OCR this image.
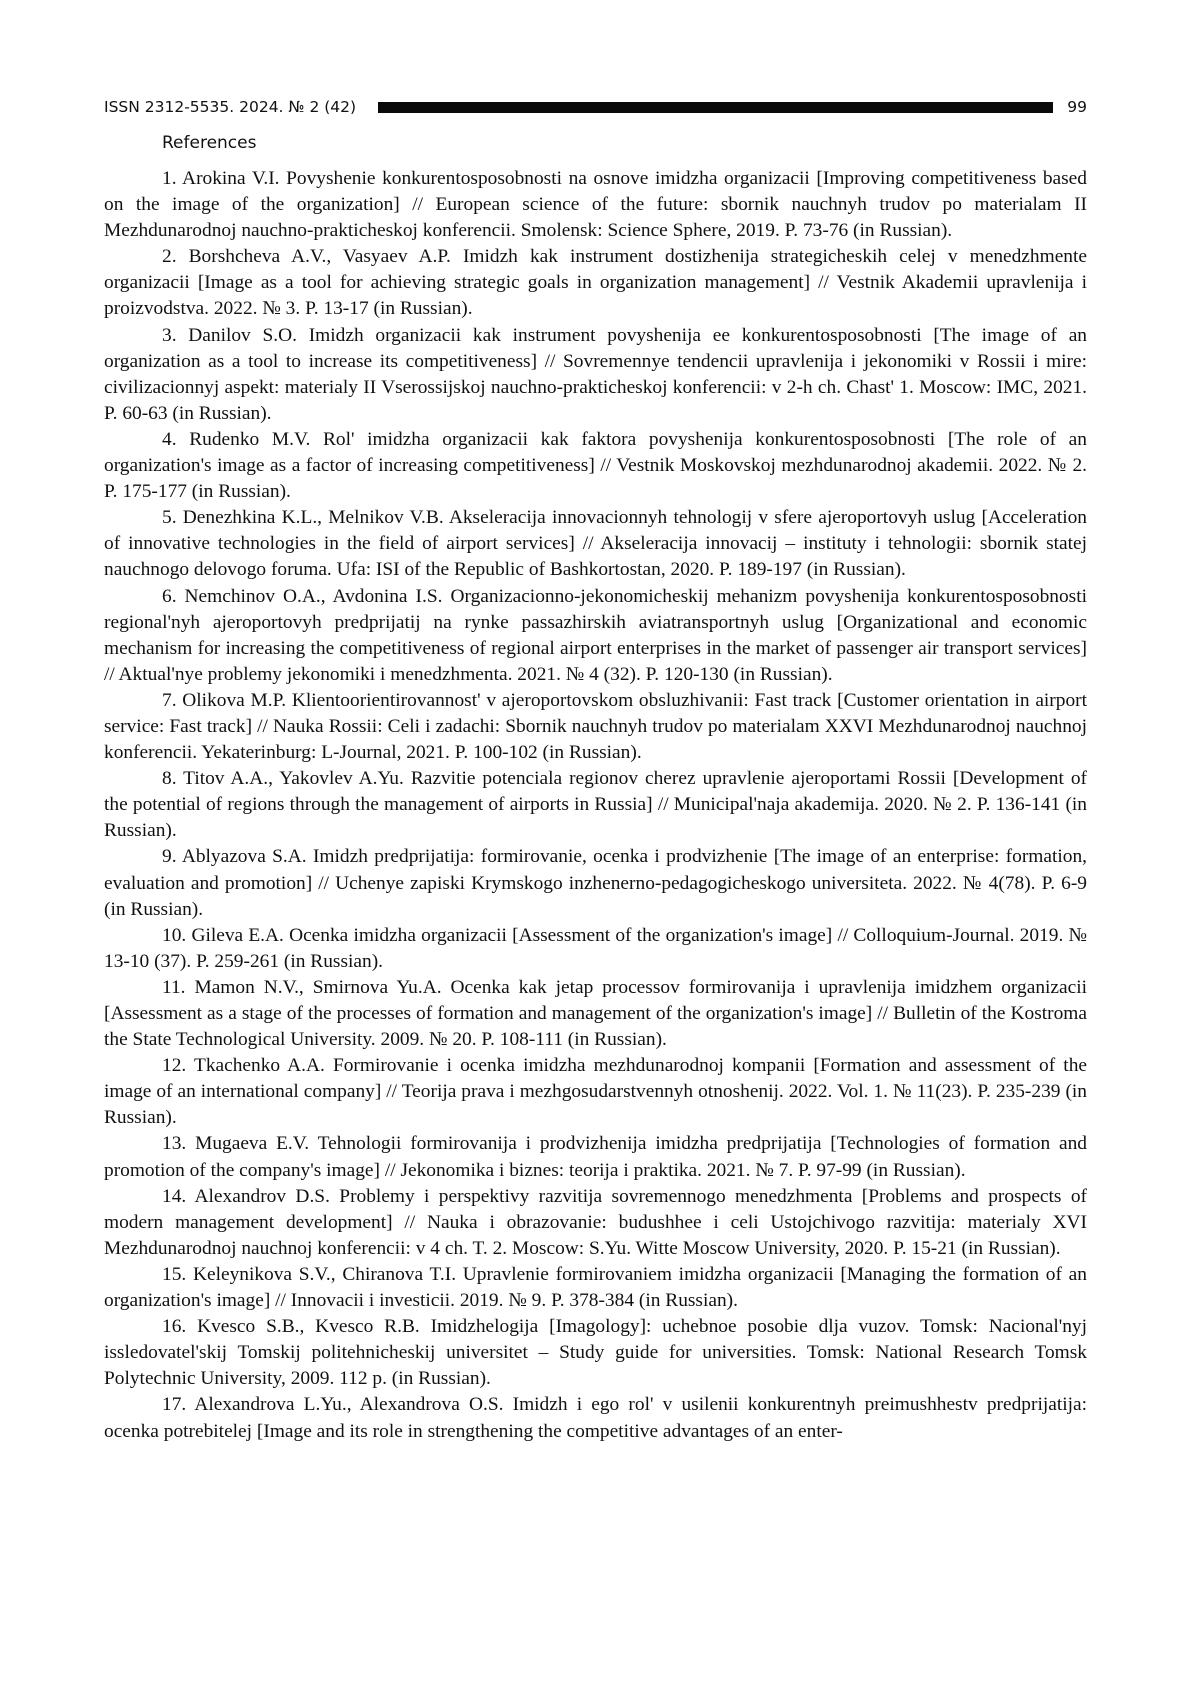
ISSN 2312-5535. 2024. № 2 (42)	99
References

1. Arokina V.I. Povyshenie konkurentosposobnosti na osnove imidzha organizacii [Improving competitiveness based on the image of the organization] // European science of the future: sbornik nauchnyh trudov po materialam II Mezhdunarodnoj nauchno-prakticheskoj konferencii. Smolensk: Science Sphere, 2019. P. 73-76 (in Russian).

2. Borshcheva A.V., Vasyaev A.P. Imidzh kak instrument dostizhenija strategicheskih celej v menedzhmente organizacii [Image as a tool for achieving strategic goals in organization management] // Vestnik Akademii upravlenija i proizvodstva. 2022. № 3. P. 13-17 (in Russian).

3. Danilov S.O. Imidzh organizacii kak instrument povyshenija ee konkurentosposobnosti [The image of an organization as a tool to increase its competitiveness] // Sovremennye tendencii upravlenija i jekonomiki v Rossii i mire: civilizacionnyj aspekt: materialy II Vserossijskoj nauchno-prakticheskoj konferencii: v 2-h ch. Chast' 1. Moscow: IMC, 2021. P. 60-63 (in Russian).

4. Rudenko M.V. Rol' imidzha organizacii kak faktora povyshenija konkurentosposobnosti [The role of an organization's image as a factor of increasing competitiveness] // Vestnik Moskovskoj mezhdunarodnoj akademii. 2022. № 2. P. 175-177 (in Russian).

5. Denezhkina K.L., Melnikov V.B. Akseleracija innovacionnyh tehnologij v sfere ajeroportovyh uslug [Acceleration of innovative technologies in the field of airport services] // Akseleracija innovacij – instituty i tehnologii: sbornik statej nauchnogo delovogo foruma. Ufa: ISI of the Republic of Bashkortostan, 2020. P. 189-197 (in Russian).

6. Nemchinov O.A., Avdonina I.S. Organizacionno-jekonomicheskij mehanizm povyshenija konkurentosposobnosti regional'nyh ajeroportovyh predprijatij na rynke passazhirskih aviatransportnyh uslug [Organizational and economic mechanism for increasing the competitiveness of regional airport enterprises in the market of passenger air transport services] // Aktual'nye problemy jekonomiki i menedzhmenta. 2021. № 4 (32). P. 120-130 (in Russian).

7. Olikova M.P. Klientoorientirovannost' v ajeroportovskom obsluzhivanii: Fast track [Customer orientation in airport service: Fast track] // Nauka Rossii: Celi i zadachi: Sbornik nauchnyh trudov po materialam XXVI Mezhdunarodnoj nauchnoj konferencii. Yekaterinburg: L-Journal, 2021. P. 100-102 (in Russian).

8. Titov A.A., Yakovlev A.Yu. Razvitie potenciala regionov cherez upravlenie ajeroportami Rossii [Development of the potential of regions through the management of airports in Russia] // Municipal'naja akademija. 2020. № 2. P. 136-141 (in Russian).

9. Ablyazova S.A. Imidzh predprijatija: formirovanie, ocenka i prodvizhenie [The image of an enterprise: formation, evaluation and promotion] // Uchenye zapiski Krymskogo inzhenerno-pedagogicheskogo universiteta. 2022. № 4(78). P. 6-9 (in Russian).

10. Gileva E.A. Ocenka imidzha organizacii [Assessment of the organization's image] // Colloquium-Journal. 2019. № 13-10 (37). P. 259-261 (in Russian).

11. Mamon N.V., Smirnova Yu.A. Ocenka kak jetap processov formirovanija i upravlenija imidzhem organizacii [Assessment as a stage of the processes of formation and management of the organization's image] // Bulletin of the Kostroma the State Technological University. 2009. № 20. P. 108-111 (in Russian).

12. Tkachenko A.A. Formirovanie i ocenka imidzha mezhdunarodnoj kompanii [Formation and assessment of the image of an international company] // Teorija prava i mezhgosudarstvennyh otnoshenij. 2022. Vol. 1. № 11(23). P. 235-239 (in Russian).

13. Mugaeva E.V. Tehnologii formirovanija i prodvizhenija imidzha predprijatija [Technologies of formation and promotion of the company's image] // Jekonomika i biznes: teorija i praktika. 2021. № 7. P. 97-99 (in Russian).

14. Alexandrov D.S. Problemy i perspektivy razvitija sovremennogo menedzhmenta [Problems and prospects of modern management development] // Nauka i obrazovanie: budushhee i celi Ustojchivogo razvitija: materialy XVI Mezhdunarodnoj nauchnoj konferencii: v 4 ch. T. 2. Moscow: S.Yu. Witte Moscow University, 2020. P. 15-21 (in Russian).

15. Keleynikova S.V., Chiranova T.I. Upravlenie formirovaniem imidzha organizacii [Managing the formation of an organization's image] // Innovacii i investicii. 2019. № 9. P. 378-384 (in Russian).

16. Kvesco S.B., Kvesco R.B. Imidzhelogija [Imagology]: uchebnoe posobie dlja vuzov. Tomsk: Nacional'nyj issledovatel'skij Tomskij politehnicheskij universitet – Study guide for universities. Tomsk: National Research Tomsk Polytechnic University, 2009. 112 p. (in Russian).

17. Alexandrova L.Yu., Alexandrova O.S. Imidzh i ego rol' v usilenii konkurentnyh preimushhestv predprijatija: ocenka potrebitelej [Image and its role in strengthening the competitive advantages of an enter-
